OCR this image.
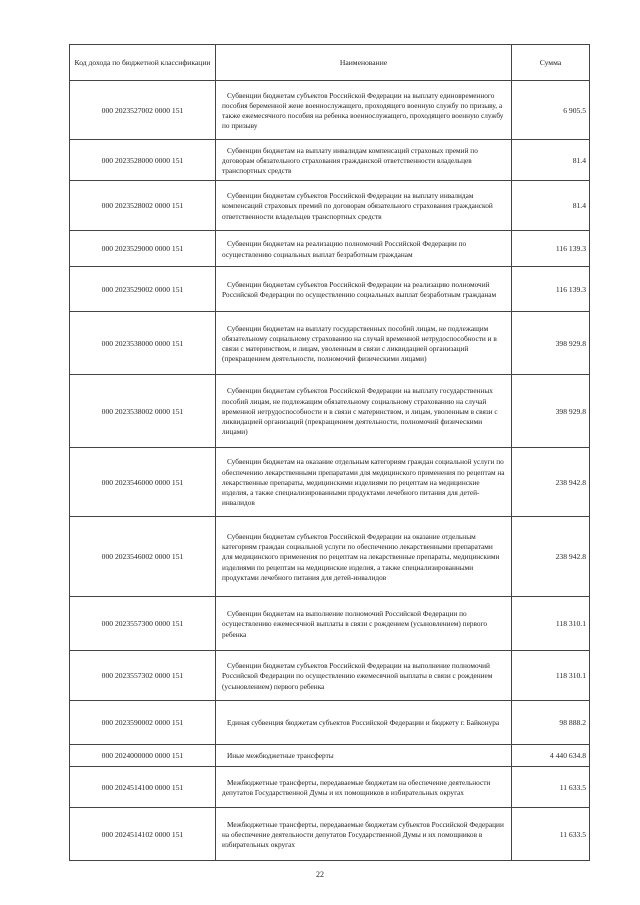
Код дохода по бюджетной классификации	Наименование	Сумма
000 2023527002 0000 151	Субвенции бюджетам субъектов Российской Федерации на выплату единовременного пособия беременной жене военнослужащего, проходящего военную службу по призыву, а также ежемесячного пособия на ребенка военнослужащего, проходящего военную службу по призыву	6 905.5
000 2023528000 0000 151	Субвенции бюджетам на выплату инвалидам компенсаций страховых премий по договорам обязательного страхования гражданской ответственности владельцев транспортных средств	81.4
000 2023528002 0000 151	Субвенции бюджетам субъектов Российской Федерации на выплату инвалидам компенсаций страховых премий по договорам обязательного страхования гражданской ответственности владельцев транспортных средств	81.4
000 2023529000 0000 151	Субвенции бюджетам на реализацию полномочий Российской Федерации по осуществлению социальных выплат безработным гражданам	116 139.3
000 2023529002 0000 151	Субвенции бюджетам субъектов Российской Федерации на реализацию полномочий Российской Федерации по осуществлению социальных выплат безработным гражданам	116 139.3
000 2023538000 0000 151	Субвенции бюджетам на выплату государственных пособий лицам, не подлежащим обязательному социальному страхованию на случай временной нетрудоспособности и в связи с материнством, и лицам, уволенным в связи с ликвидацией организаций (прекращением деятельности, полномочий физическими лицами)	398 929.8
000 2023538002 0000 151	Субвенции бюджетам субъектов Российской Федерации на выплату государственных пособий лицам, не подлежащим обязательному социальному страхованию на случай временной нетрудоспособности и в связи с материнством, и лицам, уволенным в связи с ликвидацией организаций (прекращением деятельности, полномочий физическими лицами)	398 929.8
000 2023546000 0000 151	Субвенции бюджетам на оказание отдельным категориям граждан социальной услуги по обеспечению лекарственными препаратами для медицинского применения по рецептам на лекарственные препараты, медицинскими изделиями по рецептам на медицинские изделия, а также специализированными продуктами лечебного питания для детей-инвалидов	238 942.8
000 2023546002 0000 151	Субвенции бюджетам субъектов Российской Федерации на оказание отдельным категориям граждан социальной услуги по обеспечению лекарственными препаратами для медицинского применения по рецептам на лекарственные препараты, медицинскими изделиями по рецептам на медицинские изделия, а также специализированными продуктами лечебного питания для детей-инвалидов	238 942.8
000 2023557300 0000 151	Субвенции бюджетам на выполнение полномочий Российской Федерации по осуществлению ежемесячной выплаты в связи с рождением (усыновлением) первого ребенка	118 310.1
000 2023557302 0000 151	Субвенции бюджетам субъектов Российской Федерации на выполнение полномочий Российской Федерации по осуществлению ежемесячной выплаты в связи с рождением (усыновлением) первого ребенка	118 310.1
000 2023590002 0000 151	Единая субвенция бюджетам субъектов Российской Федерации и бюджету г. Байконура	98 888.2
000 2024000000 0000 151	Иные межбюджетные трансферты	4 440 634.8
000 2024514100 0000 151	Межбюджетные трансферты, передаваемые бюджетам на обеспечение деятельности депутатов Государственной Думы и их помощников в избирательных округах	11 633.5
000 2024514102 0000 151	Межбюджетные трансферты, передаваемые бюджетам субъектов Российской Федерации на обеспечение деятельности депутатов Государственной Думы и их помощников в избирательных округах	11 633.5
22
